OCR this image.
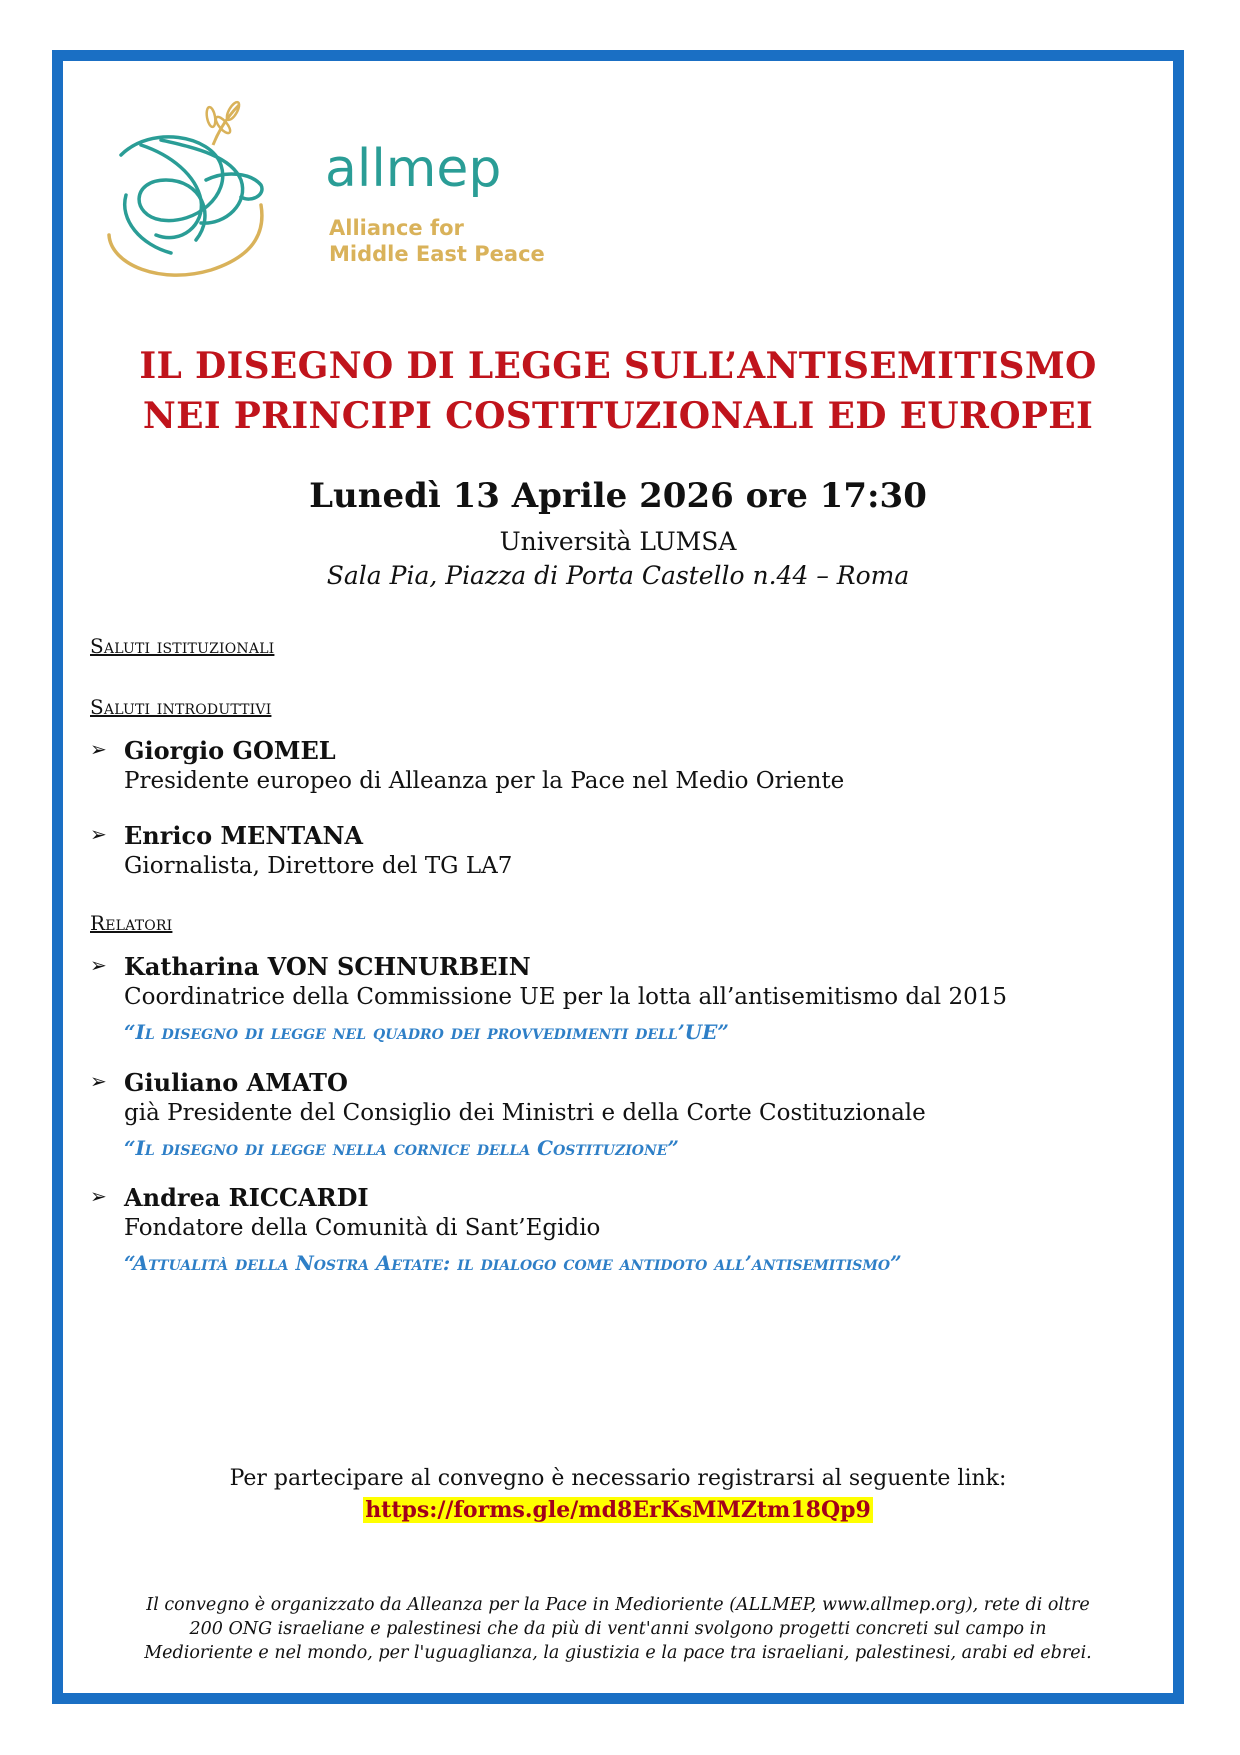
allmep
Alliance for
Middle East Peace
IL DISEGNO DI LEGGE SULL’ANTISEMITISMO
NEI PRINCIPI COSTITUZIONALI ED EUROPEI
Lunedì 13 Aprile 2026 ore 17:30
Università LUMSA
Sala Pia, Piazza di Porta Castello n.44 – Roma
Saluti istituzionali
Saluti introduttivi
➢ Giorgio GOMEL
Presidente europeo di Alleanza per la Pace nel Medio Oriente
➢ Enrico MENTANA
Giornalista, Direttore del TG LA7
Relatori
➢ Katharina VON SCHNURBEIN
Coordinatrice della Commissione UE per la lotta all’antisemitismo dal 2015
“Il disegno di legge nel quadro dei provvedimenti dell’UE”
➢ Giuliano AMATO
già Presidente del Consiglio dei Ministri e della Corte Costituzionale
“Il disegno di legge nella cornice della Costituzione”
➢ Andrea RICCARDI
Fondatore della Comunità di Sant’Egidio
“Attualità della Nostra Aetate: il dialogo come antidoto all’antisemitismo”
Per partecipare al convegno è necessario registrarsi al seguente link:
https://forms.gle/md8ErKsMMZtm18Qp9
Il convegno è organizzato da Alleanza per la Pace in Medioriente (ALLMEP, www.allmep.org), rete di oltre
200 ONG israeliane e palestinesi che da più di vent'anni svolgono progetti concreti sul campo in
Medioriente e nel mondo, per l'uguaglianza, la giustizia e la pace tra israeliani, palestinesi, arabi ed ebrei.
